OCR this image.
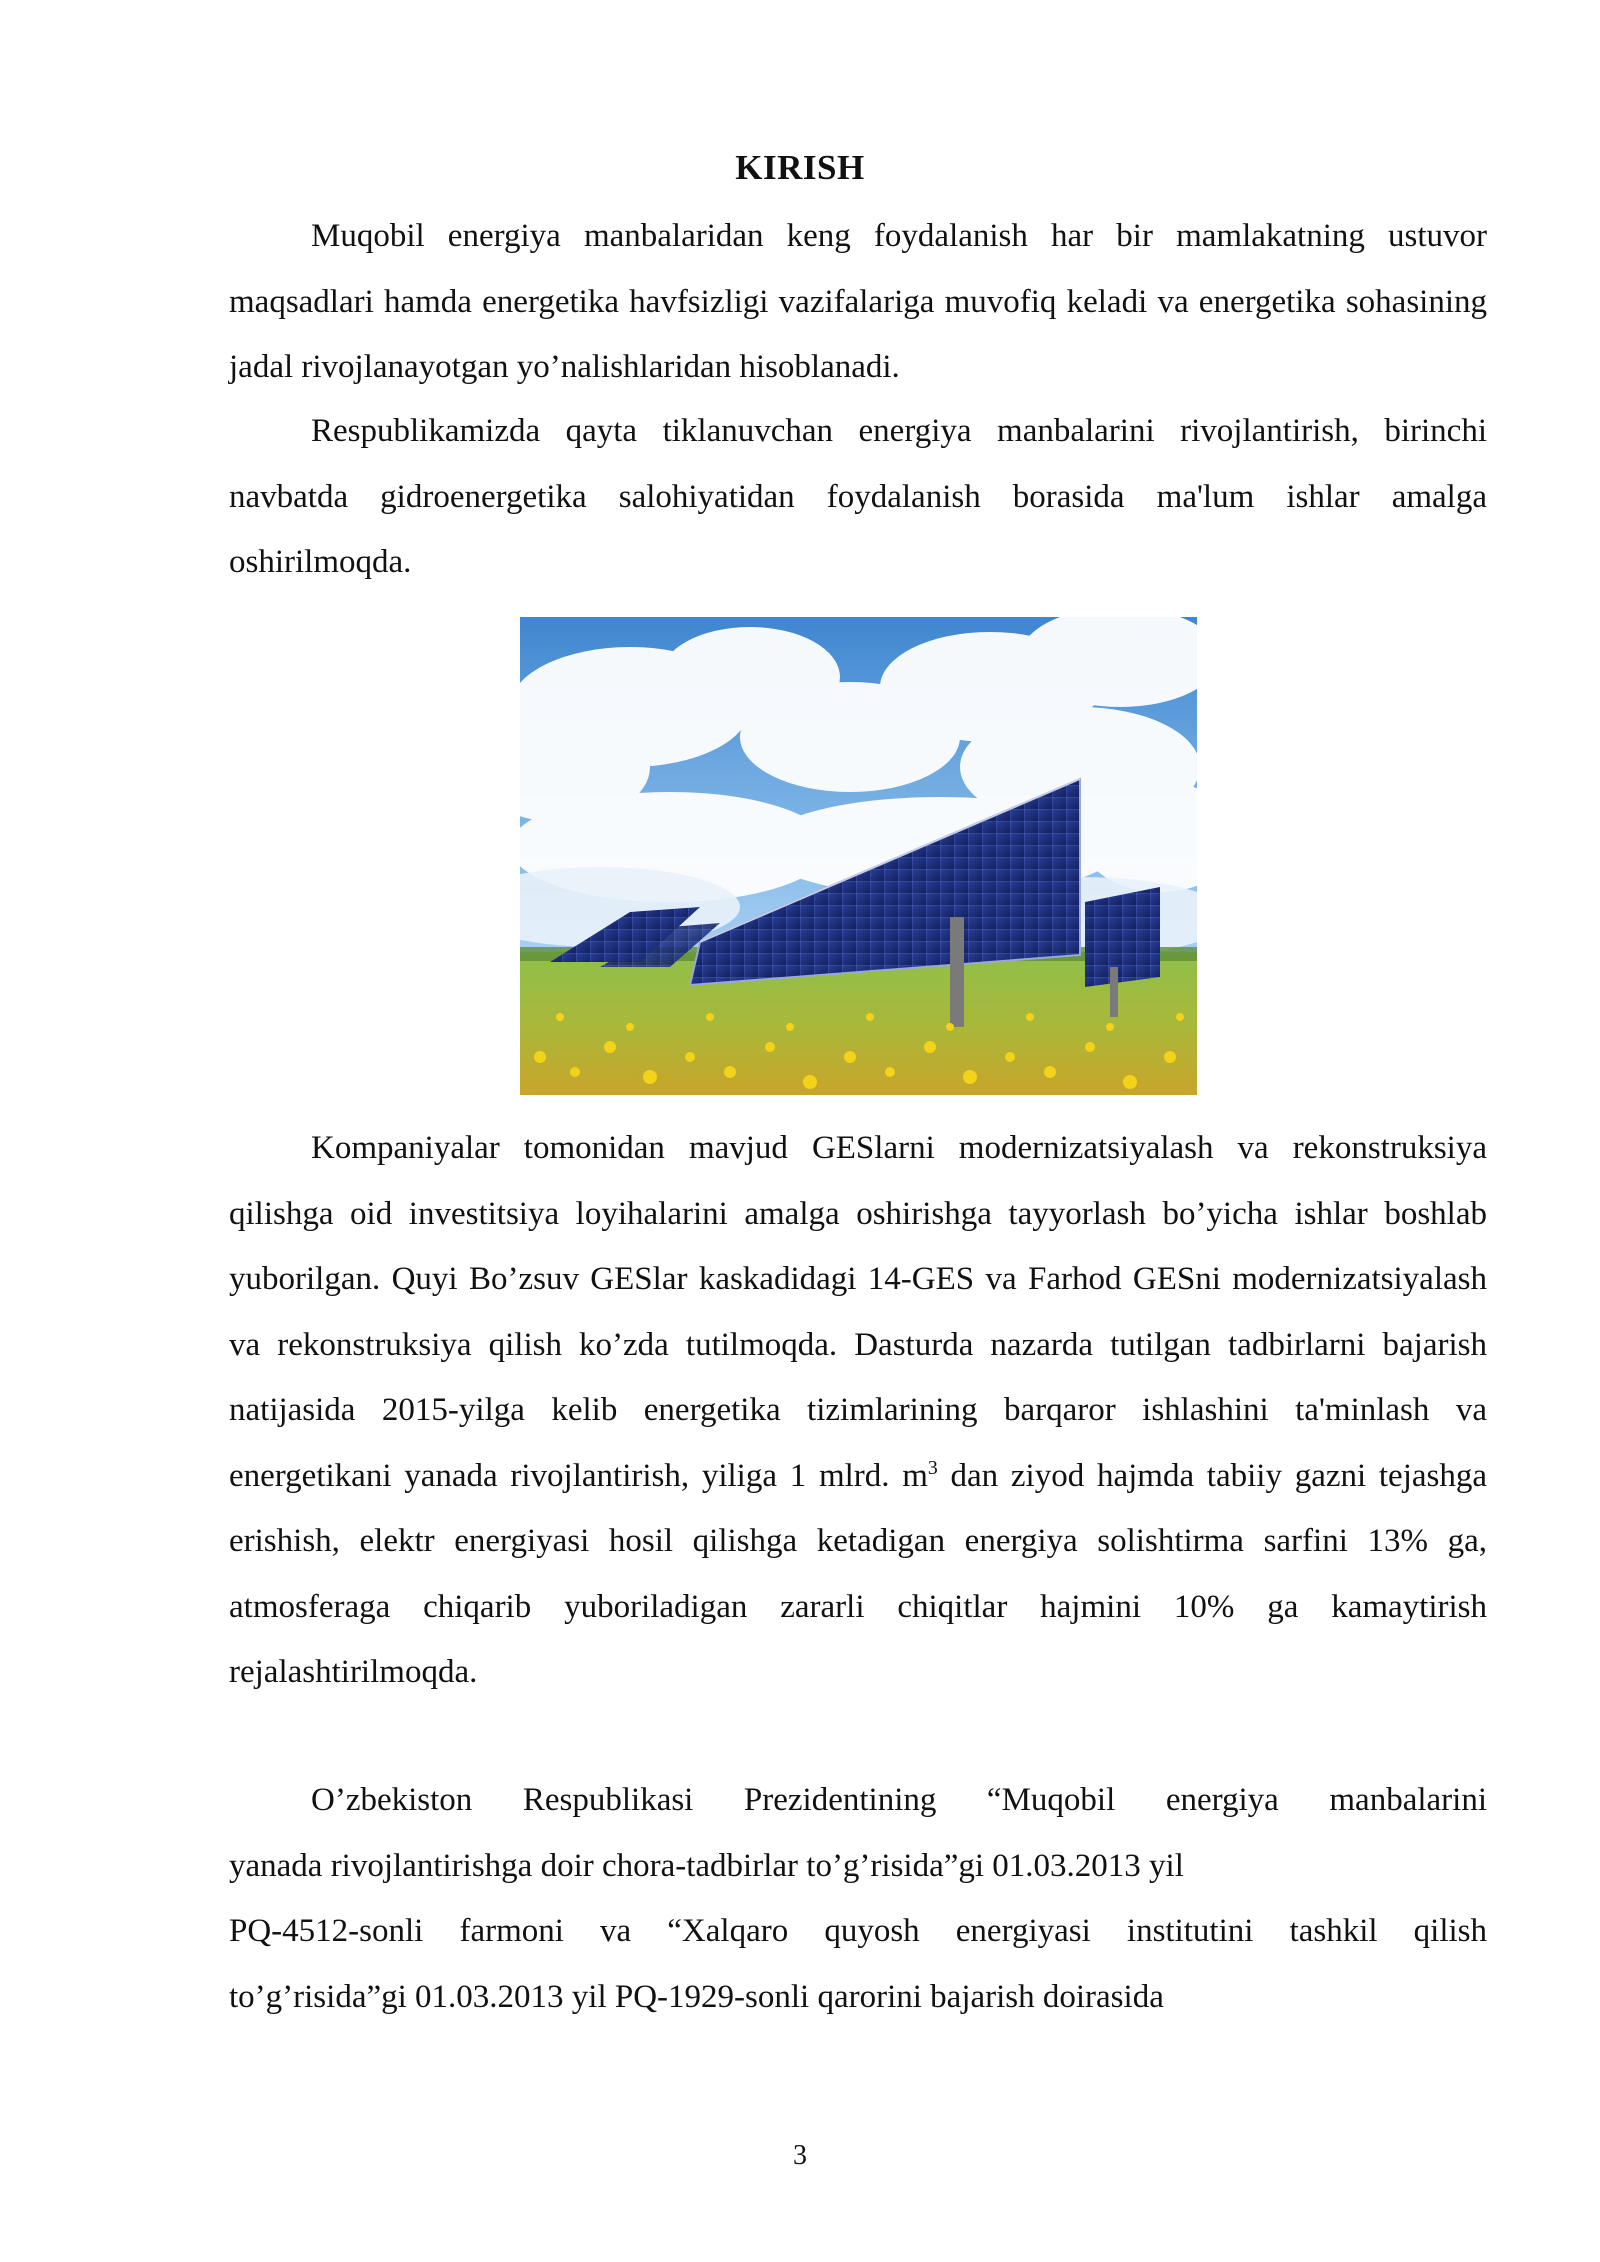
KIRISH

Muqobil energiya manbalaridan keng foydalanish har bir mamlakatning ustuvor maqsadlari hamda energetika havfsizligi vazifalariga muvofiq keladi va energetika sohasining jadal rivojlanayotgan yo’nalishlaridan hisoblanadi.

Respublikamizda qayta tiklanuvchan energiya manbalarini rivojlantirish, birinchi navbatda gidroenergetika salohiyatidan foydalanish borasida ma'lum ishlar amalga oshirilmoqda.

Kompaniyalar tomonidan mavjud GESlarni modernizatsiyalash va rekonstruksiya qilishga oid investitsiya loyihalarini amalga oshirishga tayyorlash bo’yicha ishlar boshlab yuborilgan. Quyi Bo’zsuv GESlar kaskadidagi 14-GES va Farhod GESni modernizatsiyalash va rekonstruksiya qilish ko’zda tutilmoqda. Dasturda nazarda tutilgan tadbirlarni bajarish natijasida 2015-yilga kelib energetika tizimlarining barqaror ishlashini ta'minlash va energetikani yanada rivojlantirish, yiliga 1 mlrd. $m^3$ dan ziyod hajmda tabiiy gazni tejashga erishish, elektr energiyasi hosil qilishga ketadigan energiya solishtirma sarfini 13% ga, atmosferaga chiqarib yuboriladigan zararli chiqitlar hajmini 10% ga kamaytirish rejalashtirilmoqda.

O’zbekiston Respublikasi Prezidentining “Muqobil energiya manbalarini
yanada rivojlantirishga doir chora-tadbirlar to’g’risida”gi 01.03.2013 yil
PQ-4512-sonli farmoni va “Xalqaro quyosh energiyasi institutini tashkil qilish
to’g’risida”gi 01.03.2013 yil PQ-1929-sonli qarorini bajarish doirasida
3
